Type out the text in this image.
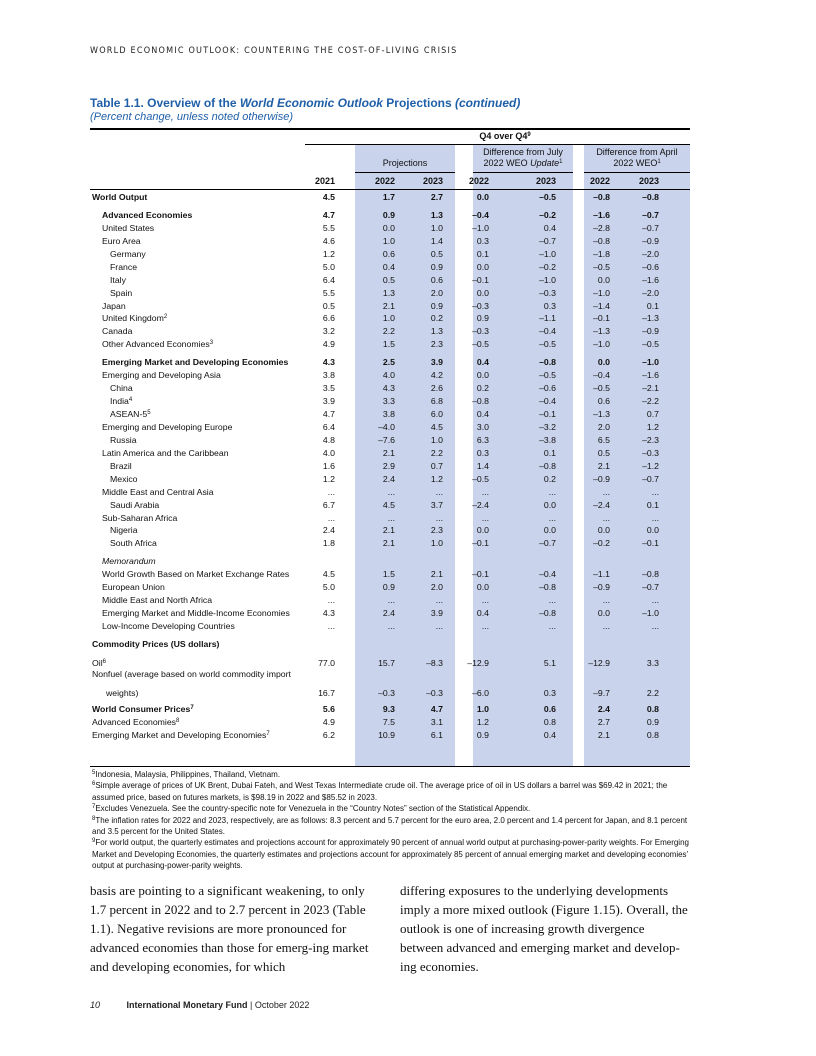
WORLD ECONOMIC OUTLOOK: COUNTERING THE COST-OF-LIVING CRISIS
Table 1.1. Overview of the World Economic Outlook Projections (continued)
(Percent change, unless noted otherwise)
Q4 over $Q4^9$
Projections
Difference from July
2022 WEO Update$^1$
Difference from April
2022 WEO$^1$
2021	2022	2023	2022	2023	2022	2023
World Output	4.5	1.7	2.7	0.0	–0.5	–0.8	–0.8
Advanced Economies	4.7	0.9	1.3	–0.4	–0.2	–1.6	–0.7
United States	5.5	0.0	1.0	–1.0	0.4	–2.8	–0.7
Euro Area	4.6	1.0	1.4	0.3	–0.7	–0.8	–0.9
Germany	1.2	0.6	0.5	0.1	–1.0	–1.8	–2.0
France	5.0	0.4	0.9	0.0	–0.2	–0.5	–0.6
Italy	6.4	0.5	0.6	–0.1	–1.0	0.0	–1.6
Spain	5.5	1.3	2.0	0.0	–0.3	–1.0	–2.0
Japan	0.5	2.1	0.9	–0.3	0.3	–1.4	0.1
United Kingdom$^2$	6.6	1.0	0.2	0.9	–1.1	–0.1	–1.3
Canada	3.2	2.2	1.3	–0.3	–0.4	–1.3	–0.9
Other Advanced Economies$^3$	4.9	1.5	2.3	–0.5	–0.5	–1.0	–0.5
Emerging Market and Developing Economies	4.3	2.5	3.9	0.4	–0.8	0.0	–1.0
Emerging and Developing Asia	3.8	4.0	4.2	0.0	–0.5	–0.4	–1.6
China	3.5	4.3	2.6	0.2	–0.6	–0.5	–2.1
India$^4$	3.9	3.3	6.8	–0.8	–0.4	0.6	–2.2
ASEAN-$5^5$	4.7	3.8	6.0	0.4	–0.1	–1.3	0.7
Emerging and Developing Europe	6.4	–4.0	4.5	3.0	–3.2	2.0	1.2
Russia	4.8	–7.6	1.0	6.3	–3.8	6.5	–2.3
Latin America and the Caribbean	4.0	2.1	2.2	0.3	0.1	0.5	–0.3
Brazil	1.6	2.9	0.7	1.4	–0.8	2.1	–1.2
Mexico	1.2	2.4	1.2	–0.5	0.2	–0.9	–0.7
Middle East and Central Asia	...	...	...	...	...	...	...
Saudi Arabia	6.7	4.5	3.7	–2.4	0.0	–2.4	0.1
Sub-Saharan Africa	...	...	...	...	...	...	...
Nigeria	2.4	2.1	2.3	0.0	0.0	0.0	0.0
South Africa	1.8	2.1	1.0	–0.1	–0.7	–0.2	–0.1
Memorandum
World Growth Based on Market Exchange Rates	4.5	1.5	2.1	–0.1	–0.4	–1.1	–0.8
European Union	5.0	0.9	2.0	0.0	–0.8	–0.9	–0.7
Middle East and North Africa	...	...	...	...	...	...	...
Emerging Market and Middle-Income Economies	4.3	2.4	3.9	0.4	–0.8	0.0	–1.0
Low-Income Developing Countries	...	...	...	...	...	...	...
Commodity Prices (US dollars)
Oil$^6$	77.0	15.7	–8.3	–12.9	5.1	–12.9	3.3
Nonfuel (average based on world commodity import
weights)	16.7	–0.3	–0.3	–6.0	0.3	–9.7	2.2
World Consumer Prices$^7$	5.6	9.3	4.7	1.0	0.6	2.4	0.8
Advanced Economies$^8$	4.9	7.5	3.1	1.2	0.8	2.7	0.9
Emerging Market and Developing Economies$^7$	6.2	10.9	6.1	0.9	0.4	2.1	0.8

$^5$Indonesia, Malaysia, Philippines, Thailand, Vietnam.

$^6$Simple average of prices of UK Brent, Dubai Fateh, and West Texas Intermediate crude oil. The average price of oil in US dollars a barrel was $69.42 in 2021; the assumed price, based on futures markets, is $98.19 in 2022 and $85.52 in 2023.

$^7$Excludes Venezuela. See the country-specific note for Venezuela in the “Country Notes” section of the Statistical Appendix.

$^8$The inflation rates for 2022 and 2023, respectively, are as follows: 8.3 percent and 5.7 percent for the euro area, 2.0 percent and 1.4 percent for Japan, and 8.1 percent and 3.5 percent for the United States.

$^9$For world output, the quarterly estimates and projections account for approximately 90 percent of annual world output at purchasing-power-parity weights. For Emerging Market and Developing Economies, the quarterly estimates and projections account for approximately 85 percent of annual emerging market and developing economies’ output at purchasing-power-parity weights.

basis are pointing to a significant weakening, to only 1.7 percent in 2022 and to 2.7 percent in 2023 (Table 1.1). Negative revisions are more pronounced for advanced economies than those for emerg-ing market and developing economies, for which
differing exposures to the underlying developments imply a more mixed outlook (Figure 1.15). Overall, the outlook is one of increasing growth divergence between advanced and emerging market and develop-ing economies.
10	International Monetary Fund | October 2022
